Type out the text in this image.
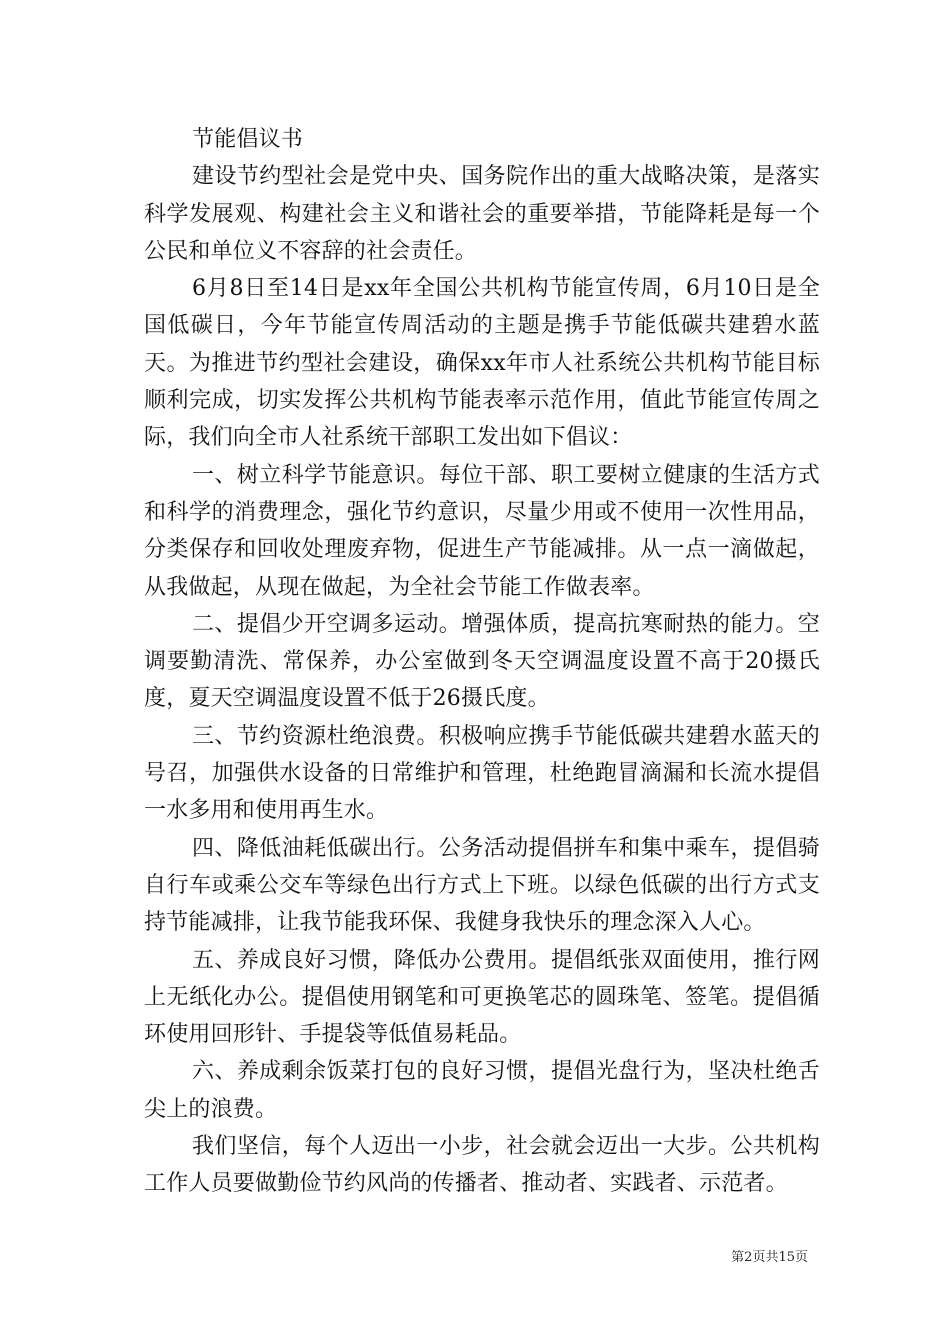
节能倡议书

建设节约型社会是党中央、国务院作出的重大战略决策，是落实科学发展观、构建社会主义和谐社会的重要举措，节能降耗是每一个公民和单位义不容辞的社会责任。

6月8日至14日是xx年全国公共机构节能宣传周，6月10日是全国低碳日，今年节能宣传周活动的主题是携手节能低碳共建碧水蓝天。为推进节约型社会建设，确保xx年市人社系统公共机构节能目标顺利完成，切实发挥公共机构节能表率示范作用，值此节能宣传周之际，我们向全市人社系统干部职工发出如下倡议：

一、树立科学节能意识。每位干部、职工要树立健康的生活方式和科学的消费理念，强化节约意识，尽量少用或不使用一次性用品，分类保存和回收处理废弃物，促进生产节能减排。从一点一滴做起，从我做起，从现在做起，为全社会节能工作做表率。

二、提倡少开空调多运动。增强体质，提高抗寒耐热的能力。空调要勤清洗、常保养，办公室做到冬天空调温度设置不高于20摄氏度，夏天空调温度设置不低于26摄氏度。

三、节约资源杜绝浪费。积极响应携手节能低碳共建碧水蓝天的号召，加强供水设备的日常维护和管理，杜绝跑冒滴漏和长流水提倡一水多用和使用再生水。

四、降低油耗低碳出行。公务活动提倡拼车和集中乘车，提倡骑自行车或乘公交车等绿色出行方式上下班。以绿色低碳的出行方式支持节能减排，让我节能我环保、我健身我快乐的理念深入人心。

五、养成良好习惯，降低办公费用。提倡纸张双面使用，推行网上无纸化办公。提倡使用钢笔和可更换笔芯的圆珠笔、签笔。提倡循环使用回形针、手提袋等低值易耗品。

六、养成剩余饭菜打包的良好习惯，提倡光盘行为，坚决杜绝舌尖上的浪费。

我们坚信，每个人迈出一小步，社会就会迈出一大步。公共机构工作人员要做勤俭节约风尚的传播者、推动者、实践者、示范者。

第2页共15页
